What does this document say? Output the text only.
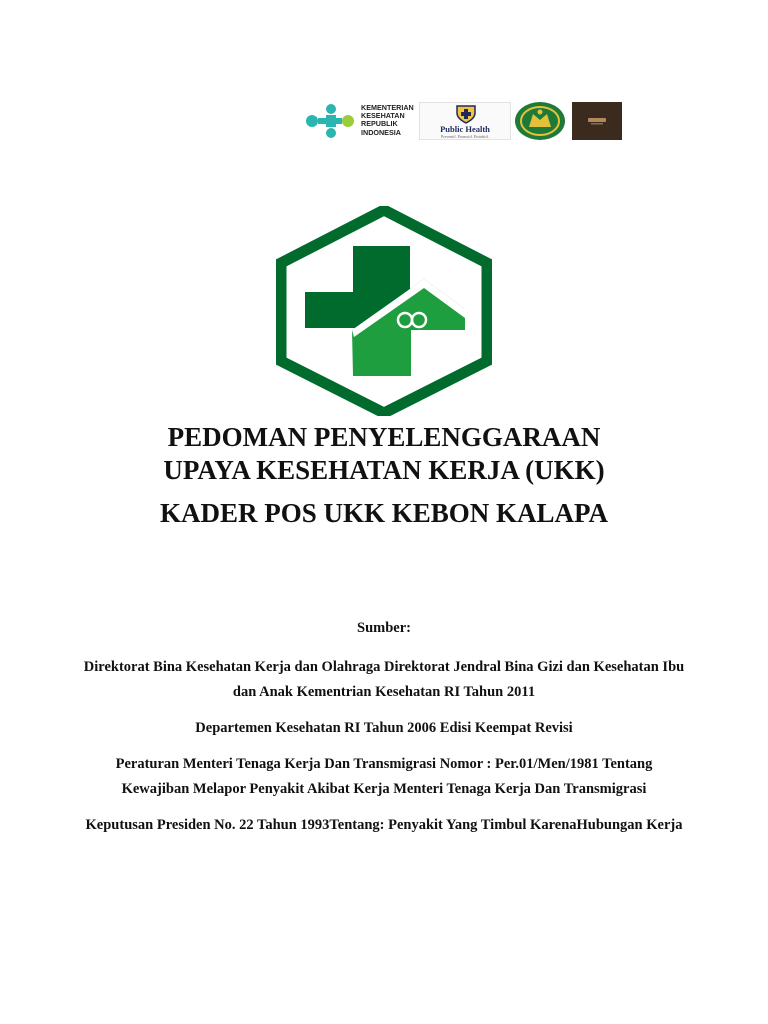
KEMENTERIAN
KESEHATAN
REPUBLIK
INDONESIA	Public Health
Preventif. Promotif. Protektif.

PEDOMAN PENYELENGGARAAN

UPAYA KESEHATAN KERJA (UKK)

KADER POS UKK KEBON KALAPA

Sumber:

Direktorat Bina Kesehatan Kerja dan Olahraga Direktorat Jendral Bina Gizi dan Kesehatan Ibu dan Anak Kementrian Kesehatan RI Tahun 2011

Departemen Kesehatan RI Tahun 2006 Edisi Keempat Revisi

Peraturan Menteri Tenaga Kerja Dan Transmigrasi Nomor : Per.01/Men/1981 Tentang Kewajiban Melapor Penyakit Akibat Kerja Menteri Tenaga Kerja Dan Transmigrasi

Keputusan Presiden No. 22 Tahun 1993Tentang: Penyakit Yang Timbul KarenaHubungan Kerja
